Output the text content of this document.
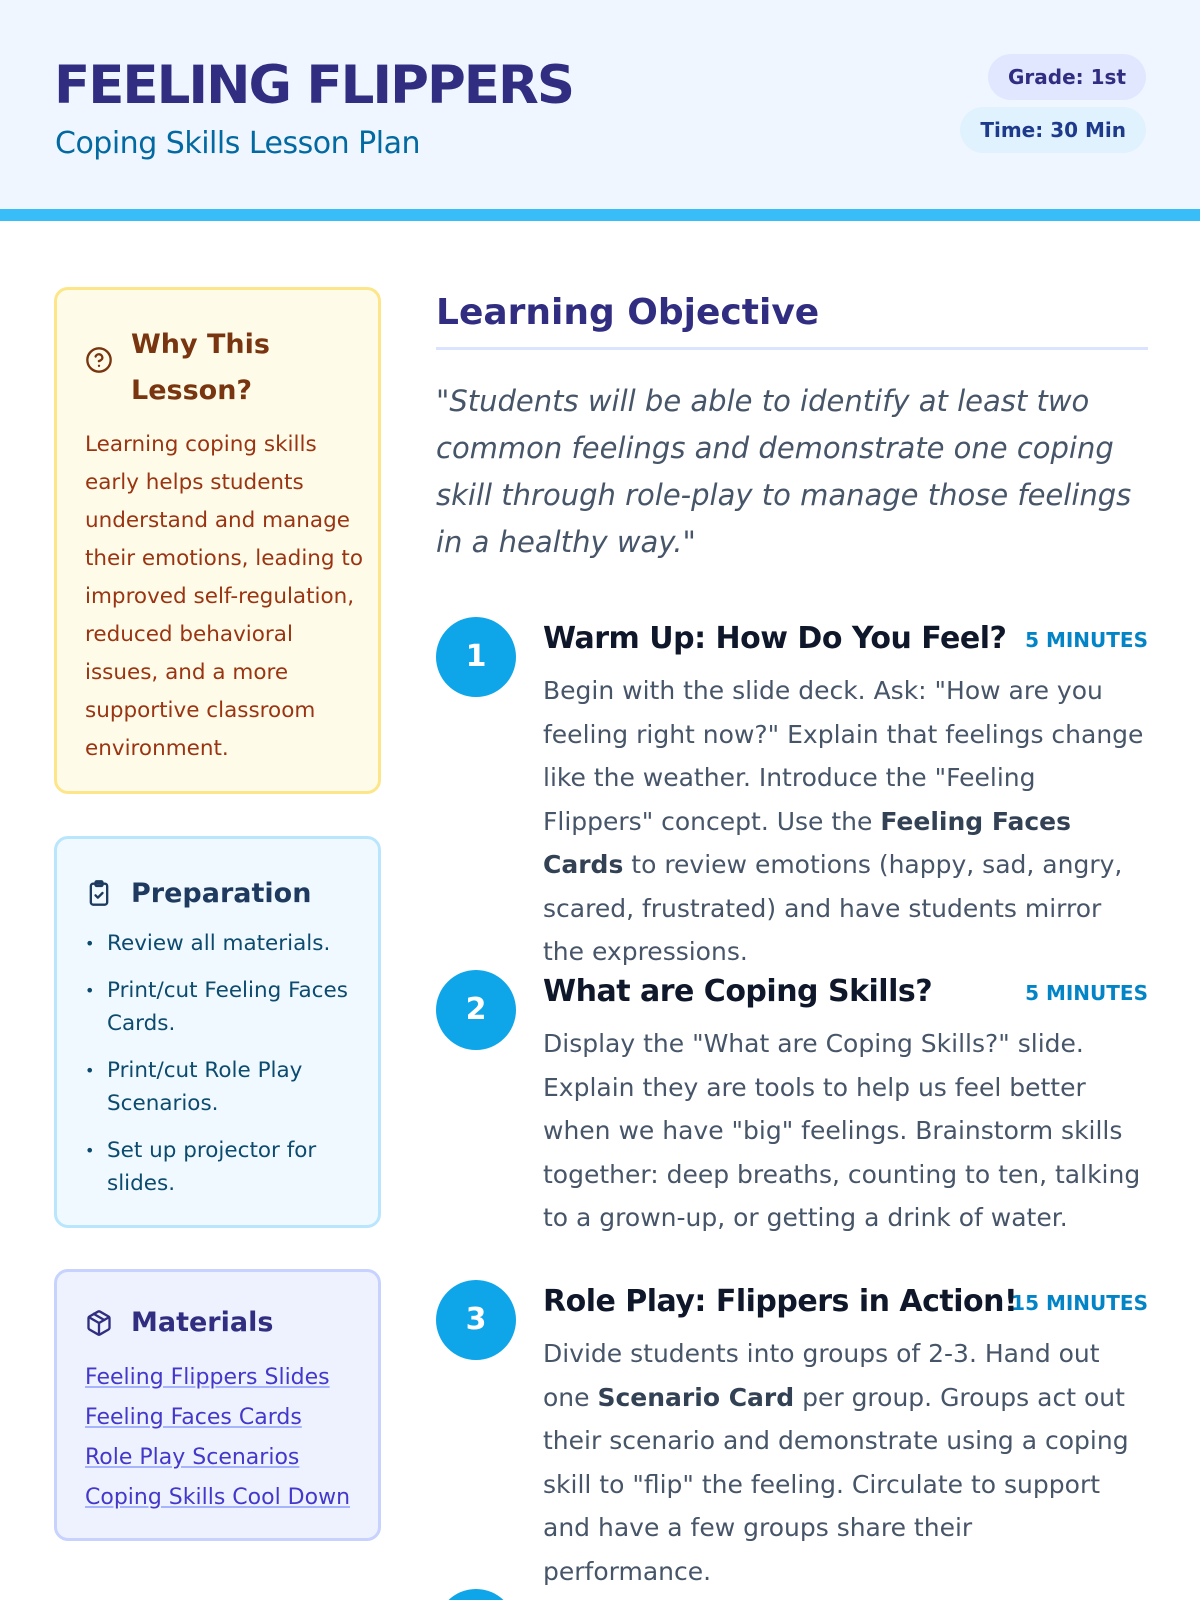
FEELING FLIPPERS
Coping Skills Lesson Plan
Grade: 1st
Time: 30 Min
Why This Lesson?

Learning coping skills early helps students understand and manage their emotions, leading to improved self-regulation, reduced behavioral issues, and a more supportive classroom environment.

Preparation
• Review all materials.
• Print/cut Feeling Faces Cards.
• Print/cut Role Play Scenarios.
• Set up projector for slides.
Materials
Feeling Flippers Slides
Feeling Faces Cards
Role Play Scenarios
Coping Skills Cool Down
Learning Objective

"Students will be able to identify at least two common feelings and demonstrate one coping skill through role-play to manage those feelings in a healthy way."

1
Warm Up: How Do You Feel? 5 MINUTES

Begin with the slide deck. Ask: "How are you feeling right now?" Explain that feelings change like the weather. Introduce the "Feeling Flippers" concept. Use the Feeling Faces Cards to review emotions (happy, sad, angry, scared, frustrated) and have students mirror the expressions.

2
What are Coping Skills?	5 MINUTES

Display the "What are Coping Skills?" slide. Explain they are tools to help us feel better when we have "big" feelings. Brainstorm skills together: deep breaths, counting to ten, talking to a grown-up, or getting a drink of water.

3
Role Play: Flippers in Action!
15 MINUTES

Divide students into groups of 2-3. Hand out one Scenario Card per group. Groups act out their scenario and demonstrate using a coping skill to "flip" the feeling. Circulate to support and have a few groups share their performance.
